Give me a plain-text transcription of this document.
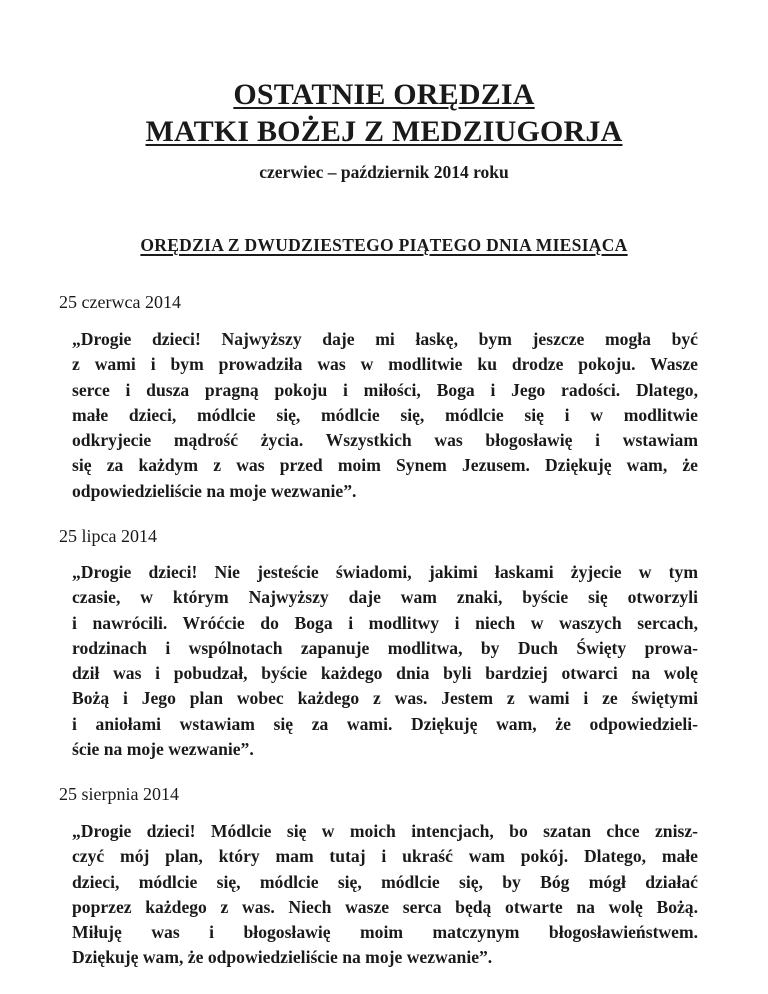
OSTATNIE ORĘDZIA
MATKI BOŻEJ Z MEDZIUGORJA
czerwiec – październik 2014 roku
ORĘDZIA Z DWUDZIESTEGO PIĄTEGO DNIA MIESIĄCA
25 czerwca 2014
„Drogie dzieci! Najwyższy daje mi łaskę, bym jeszcze mogła być
z wami i bym prowadziła was w modlitwie ku drodze pokoju. Wasze
serce i dusza pragną pokoju i miłości, Boga i Jego radości. Dlatego,
małe dzieci, módlcie się, módlcie się, módlcie się i w modlitwie
odkryjecie mądrość życia. Wszystkich was błogosławię i wstawiam
się za każdym z was przed moim Synem Jezusem. Dziękuję wam, że
odpowiedzieliście na moje wezwanie”.
25 lipca 2014
„Drogie dzieci! Nie jesteście świadomi, jakimi łaskami żyjecie w tym
czasie, w którym Najwyższy daje wam znaki, byście się otworzyli
i nawrócili. Wróćcie do Boga i modlitwy i niech w waszych sercach,
rodzinach i wspólnotach zapanuje modlitwa, by Duch Święty prowa-
dził was i pobudzał, byście każdego dnia byli bardziej otwarci na wolę
Bożą i Jego plan wobec każdego z was. Jestem z wami i ze świętymi
i aniołami wstawiam się za wami. Dziękuję wam, że odpowiedzieli-
ście na moje wezwanie”.
25 sierpnia 2014
„Drogie dzieci! Módlcie się w moich intencjach, bo szatan chce znisz-
czyć mój plan, który mam tutaj i ukraść wam pokój. Dlatego, małe
dzieci, módlcie się, módlcie się, módlcie się, by Bóg mógł działać
poprzez każdego z was. Niech wasze serca będą otwarte na wolę Bożą.
Miłuję was i błogosławię moim matczynym błogosławieństwem.
Dziękuję wam, że odpowiedzieliście na moje wezwanie”.
